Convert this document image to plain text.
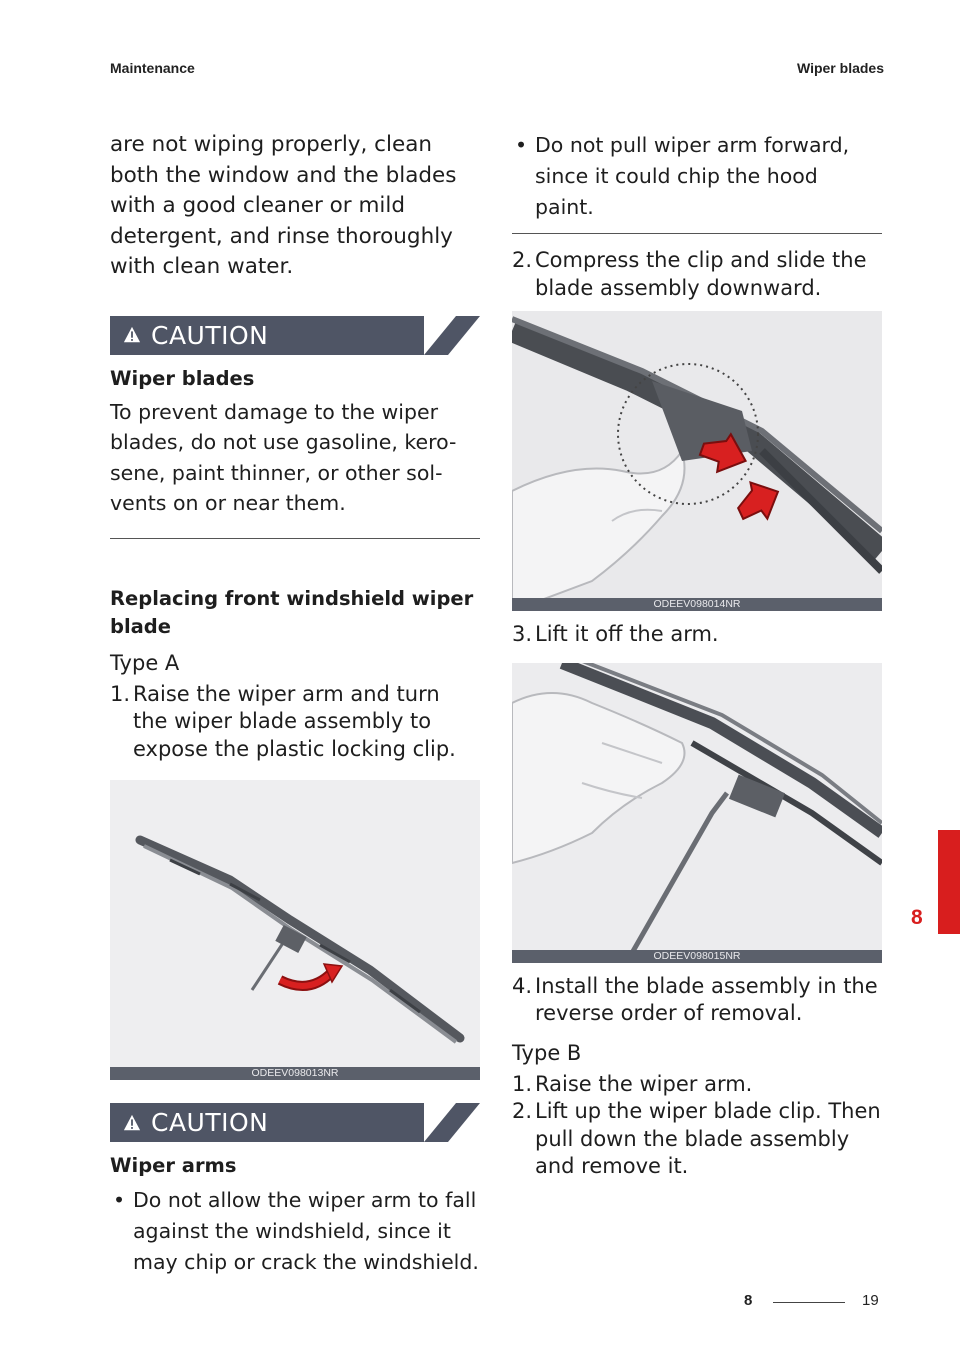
Maintenance	Wiper blades

are not wiping properly, clean both the window and the blades with a good cleaner or mild detergent, and rinse thoroughly with clean water.

CAUTION

Wiper blades

To prevent damage to the wiper blades, do not use gasoline, kero-sene, paint thinner, or other sol-vents on or near them.

Replacing front windshield wiper blade

Type A

1. Raise the wiper arm and turn the wiper blade assembly to expose the plastic locking clip.
ODEEV098013NR
CAUTION

Wiper arms

• Do not allow the wiper arm to fall against the windshield, since it may chip or crack the windshield.
• Do not pull wiper arm forward, since it could chip the hood paint.
2. Compress the clip and slide the blade assembly downward.
ODEEV098014NR
3. Lift it off the arm.
ODEEV098015NR
4. Install the blade assembly in the reverse order of removal.

Type B

1. Raise the wiper arm.
2. Lift up the wiper blade clip. Then pull down the blade assembly and remove it.
8
8	19
